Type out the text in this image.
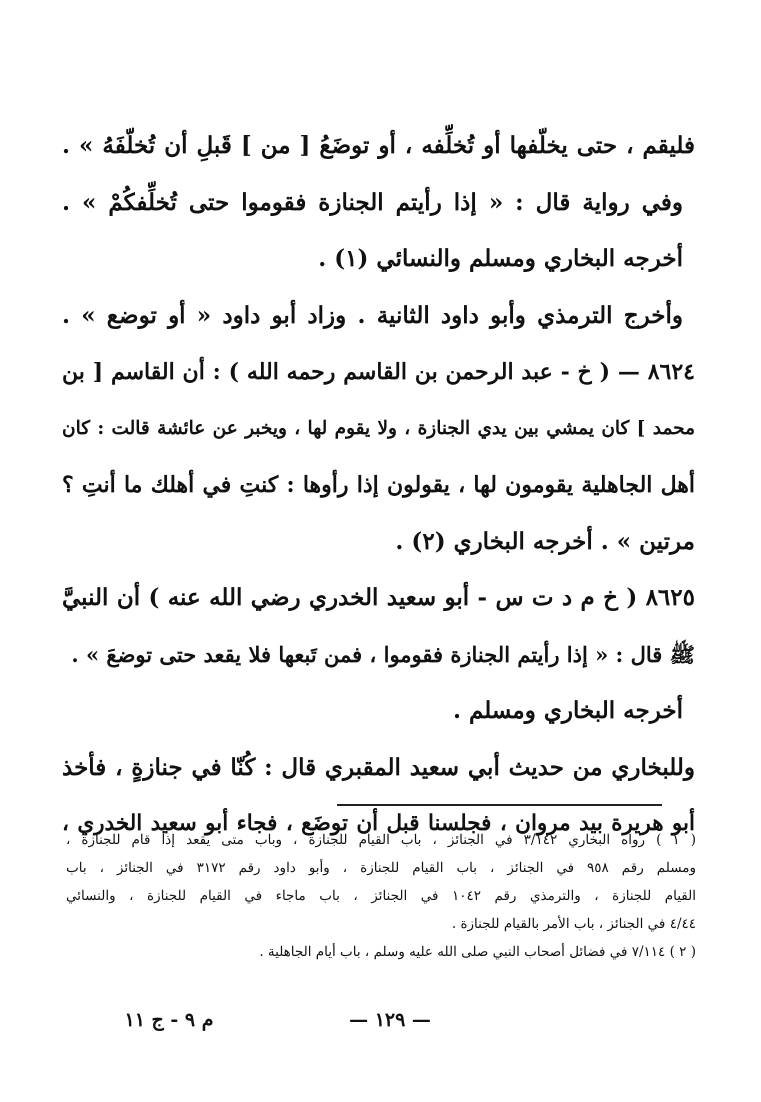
فليقم ، حتى يخلّفها أو تُخلِّفه ، أو توضَعُ [ من ] قَبلِ أن تُخلّفَهُ » .
وفي رواية قال : « إذا رأيتم الجنازة فقوموا حتى تُخلِّفكُمْ » .
أخرجه البخاري ومسلم والنسائي (١) .
وأخرج الترمذي وأبو داود الثانية . وزاد أبو داود « أو توضع » .
٨٦٢٤ — ( خ - عبد الرحمن بن القاسم رحمه الله ) : أن القاسم [ بن
محمد ] كان يمشي بين يدي الجنازة ، ولا يقوم لها ، ويخبر عن عائشة قالت : كان
أهل الجاهلية يقومون لها ، يقولون إذا رأوها : كنتِ في أهلك ما أنتِ ؟
مرتين » . أخرجه البخاري (٢) .
٨٦٢٥ ( خ م د ت س - أبو سعيد الخدري رضي الله عنه ) أن النبيَّ
ﷺ قال : « إذا رأيتم الجنازة فقوموا ، فمن تَبعها فلا يقعد حتى توضعَ » .
أخرجه البخاري ومسلم .
وللبخاري من حديث أبي سعيد المقبري قال : كُنّا في جنازةٍ ، فأخذ
أبو هريرة بيد مروان ، فجلسنا قبل أن توضَع ، فجاء أبو سعيد الخدري ،
( ١ ) رواه البخاري ٣/١٤٢ في الجنائز ، باب القيام للجنازة ، وباب متى يقعد إذا قام للجنازة ،
ومسلم رقم ٩٥٨ في الجنائز ، باب القيام للجنازة ، وأبو داود رقم ٣١٧٢ في الجنائز ، باب
القيام للجنازة ، والترمذي رقم ١٠٤٢ في الجنائز ، باب ماجاء في القيام للجنازة ، والنسائي
٤/٤٤ في الجنائز ، باب الأمر بالقيام للجنازة .
( ٢ ) ٧/١١٤ في فضائل أصحاب النبي صلى الله عليه وسلم ، باب أيام الجاهلية .
— ١٢٩ —
م ٩ - ج ١١
